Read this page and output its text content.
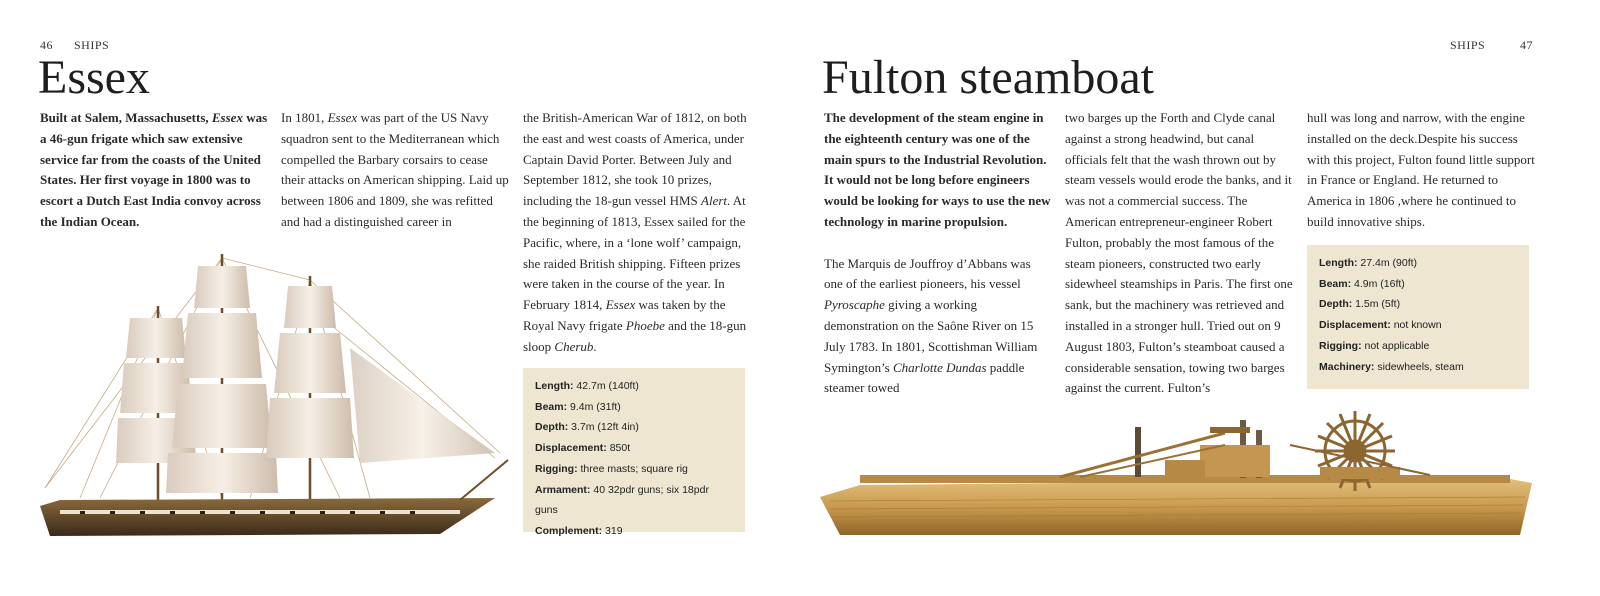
46 SHIPS
Essex

Built at Salem, Massachusetts, Essex was a 46-gun frigate which saw extensive service far from the coasts of the United States. Her first voyage in 1800 was to escort a Dutch East India convoy across the Indian Ocean.

In 1801, Essex was part of the US Navy squadron sent to the Mediterranean which compelled the Barbary corsairs to cease their attacks on American shipping. Laid up between 1806 and 1809, she was refitted and had a distinguished career in

the British-American War of 1812, on both the east and west coasts of America, under Captain David Porter. Between July and September 1812, she took 10 prizes, including the 18-gun vessel HMS Alert. At the beginning of 1813, Essex sailed for the Pacific, where, in a ‘lone wolf’ campaign, she raided British shipping. Fifteen prizes were taken in the course of the year. In February 1814, Essex was taken by the Royal Navy frigate Phoebe and the 18-gun sloop Cherub.

Length: 42.7m (140ft)
Beam: 9.4m (31ft)
Depth: 3.7m (12ft 4in)
Displacement: 850t
Rigging: three masts; square rig
Armament: 40 32pdr guns; six 18pdr guns
Complement: 319
SHIPS	47
Fulton steamboat

The development of the steam engine in the eighteenth century was one of the main spurs to the Industrial Revolution. It would not be long before engineers would be looking for ways to use the new technology in marine propulsion.

The Marquis de Jouffroy d’Abbans was one of the earliest pioneers, his vessel Pyroscaphe giving a working demonstration on the Saône River on 15 July 1783. In 1801, Scottishman William Symington’s Charlotte Dundas paddle steamer towed

two barges up the Forth and Clyde canal against a strong headwind, but canal officials felt that the wash thrown out by steam vessels would erode the banks, and it was not a commercial success. The American entrepreneur-engineer Robert Fulton, probably the most famous of the steam pioneers, constructed two early sidewheel steamships in Paris. The first one sank, but the machinery was retrieved and installed in a stronger hull. Tried out on 9 August 1803, Fulton’s steamboat caused a considerable sensation, towing two barges against the current. Fulton’s

hull was long and narrow, with the engine installed on the deck.Despite his success with this project, Fulton found little support in France or England. He returned to America in 1806 ,where he continued to build innovative ships.

Length: 27.4m (90ft)
Beam: 4.9m (16ft)
Depth: 1.5m (5ft)
Displacement: not known
Rigging: not applicable
Machinery: sidewheels, steam
